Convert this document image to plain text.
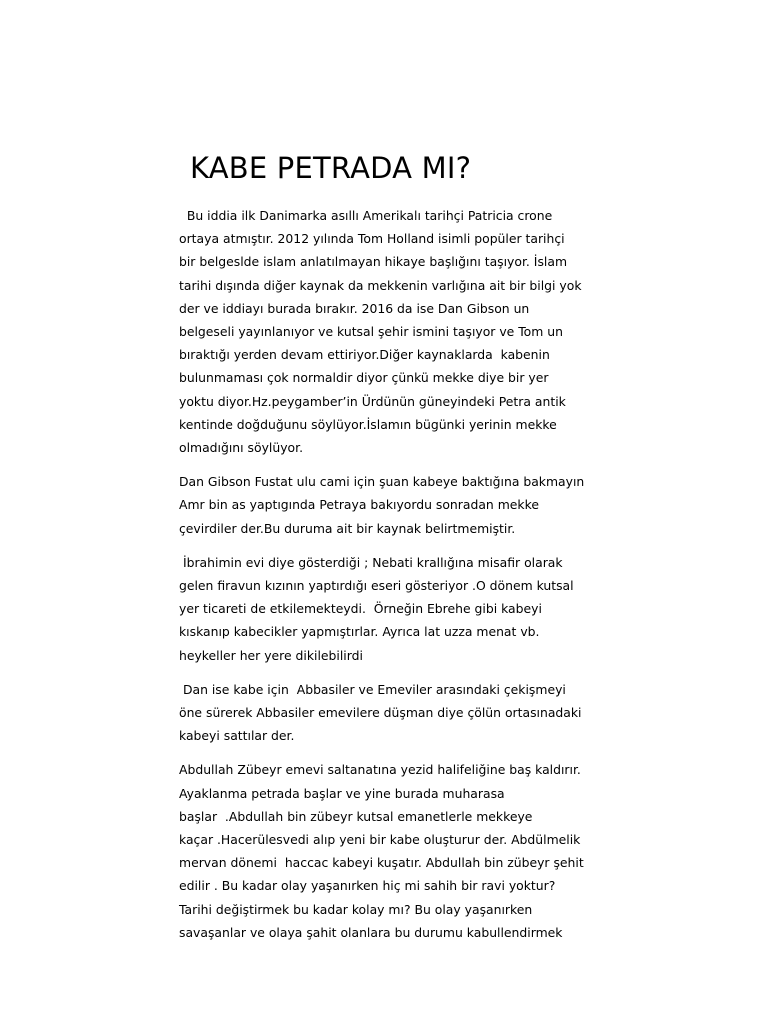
KABE PETRADA MI?
Bu iddia ilk Danimarka asıllı Amerikalı tarihçi Patricia crone
ortaya atmıştır. 2012 yılında Tom Holland isimli popüler tarihçi
bir belgeslde islam anlatılmayan hikaye başlığını taşıyor. İslam
tarihi dışında diğer kaynak da mekkenin varlığına ait bir bilgi yok
der ve iddiayı burada bırakır. 2016 da ise Dan Gibson un
belgeseli yayınlanıyor ve kutsal şehir ismini taşıyor ve Tom un
bıraktığı yerden devam ettiriyor.Diğer kaynaklarda  kabenin
bulunmaması çok normaldir diyor çünkü mekke diye bir yer
yoktu diyor.Hz.peygamber’in Ürdünün güneyindeki Petra antik
kentinde doğduğunu söylüyor.İslamın bügünki yerinin mekke
olmadığını söylüyor.
Dan Gibson Fustat ulu cami için şuan kabeye baktığına bakmayın
Amr bin as yaptıgında Petraya bakıyordu sonradan mekke
çevirdiler der.Bu duruma ait bir kaynak belirtmemiştir.
İbrahimin evi diye gösterdiği ; Nebati krallığına misafir olarak
gelen firavun kızının yaptırdığı eseri gösteriyor .O dönem kutsal
yer ticareti de etkilemekteydi.  Örneğin Ebrehe gibi kabeyi
kıskanıp kabecikler yapmıştırlar. Ayrıca lat uzza menat vb.
heykeller her yere dikilebilirdi
Dan ise kabe için  Abbasiler ve Emeviler arasındaki çekişmeyi
öne sürerek Abbasiler emevilere düşman diye çölün ortasınadaki
kabeyi sattılar der.
Abdullah Zübeyr emevi saltanatına yezid halifeliğine baş kaldırır.
Ayaklanma petrada başlar ve yine burada muharasa
başlar  .Abdullah bin zübeyr kutsal emanetlerle mekkeye
kaçar .Hacerülesvedi alıp yeni bir kabe oluşturur der. Abdülmelik
mervan dönemi  haccac kabeyi kuşatır. Abdullah bin zübeyr şehit
edilir . Bu kadar olay yaşanırken hiç mi sahih bir ravi yoktur?
Tarihi değiştirmek bu kadar kolay mı? Bu olay yaşanırken
savaşanlar ve olaya şahit olanlara bu durumu kabullendirmek
